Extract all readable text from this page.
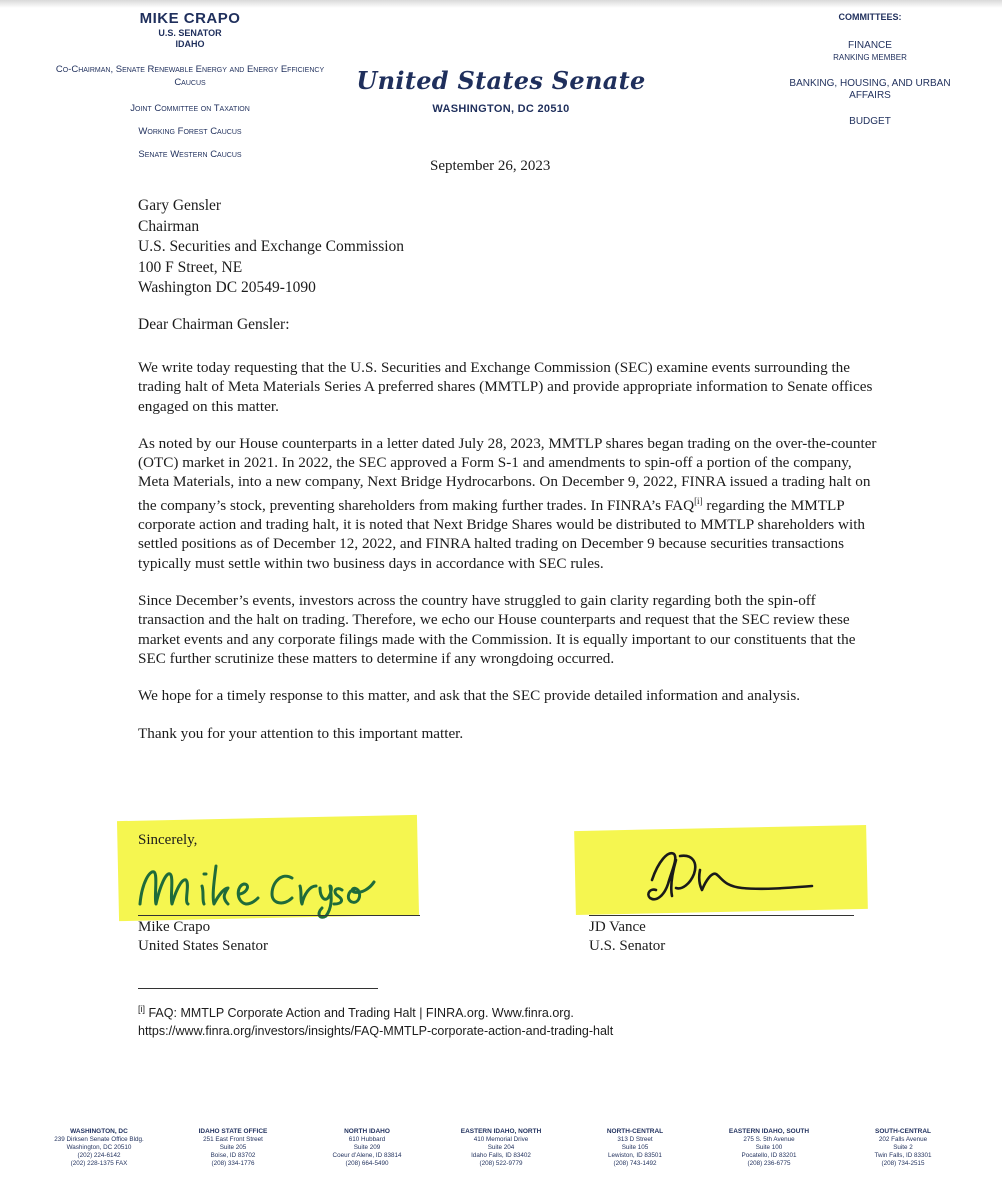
MIKE CRAPO
U.S. SENATOR
IDAHO
Co-Chairman, Senate Renewable Energy and Energy Efficiency Caucus
Joint Committee on Taxation
Working Forest Caucus
Senate Western Caucus
United States Senate
WASHINGTON, DC 20510
COMMITTEES:
FINANCE
RANKING MEMBER
BANKING, HOUSING, AND URBAN AFFAIRS
BUDGET
September 26, 2023
Gary Gensler
Chairman
U.S. Securities and Exchange Commission
100 F Street, NE
Washington DC 20549-1090
Dear Chairman Gensler:

We write today requesting that the U.S. Securities and Exchange Commission (SEC) examine events surrounding the trading halt of Meta Materials Series A preferred shares (MMTLP) and provide appropriate information to Senate offices engaged on this matter.

As noted by our House counterparts in a letter dated July 28, 2023, MMTLP shares began trading on the over-the-counter (OTC) market in 2021. In 2022, the SEC approved a Form S-1 and amendments to spin-off a portion of the company, Meta Materials, into a new company, Next Bridge Hydrocarbons. On December 9, 2022, FINRA issued a trading halt on the company’s stock, preventing shareholders from making further trades. In FINRA’s FAQ[i] regarding the MMTLP corporate action and trading halt, it is noted that Next Bridge Shares would be distributed to MMTLP shareholders with settled positions as of December 12, 2022, and FINRA halted trading on December 9 because securities transactions typically must settle within two business days in accordance with SEC rules.

Since December’s events, investors across the country have struggled to gain clarity regarding both the spin-off transaction and the halt on trading. Therefore, we echo our House counterparts and request that the SEC review these market events and any corporate filings made with the Commission. It is equally important to our constituents that the SEC further scrutinize these matters to determine if any wrongdoing occurred.

We hope for a timely response to this matter, and ask that the SEC provide detailed information and analysis.

Thank you for your attention to this important matter.

Sincerely,
Mike Crapo
United States Senator
JD Vance
U.S. Senator
[i] FAQ: MMTLP Corporate Action and Trading Halt | FINRA.org. Www.finra.org.
https://www.finra.org/investors/insights/FAQ-MMTLP-corporate-action-and-trading-halt
WASHINGTON, DC
239 Dirksen Senate Office Bldg.
Washington, DC 20510
(202) 224-6142
(202) 228-1375 FAX
IDAHO STATE OFFICE
251 East Front Street
Suite 205
Boise, ID 83702
(208) 334-1776
NORTH IDAHO
610 Hubbard
Suite 209
Coeur d’Alene, ID 83814
(208) 664-5490
EASTERN IDAHO, NORTH
410 Memorial Drive
Suite 204
Idaho Falls, ID 83402
(208) 522-9779
NORTH-CENTRAL
313 D Street
Suite 105
Lewiston, ID 83501
(208) 743-1492
EASTERN IDAHO, SOUTH
275 S. 5th Avenue
Suite 100
Pocatello, ID 83201
(208) 236-6775
SOUTH-CENTRAL
202 Falls Avenue
Suite 2
Twin Falls, ID 83301
(208) 734-2515
